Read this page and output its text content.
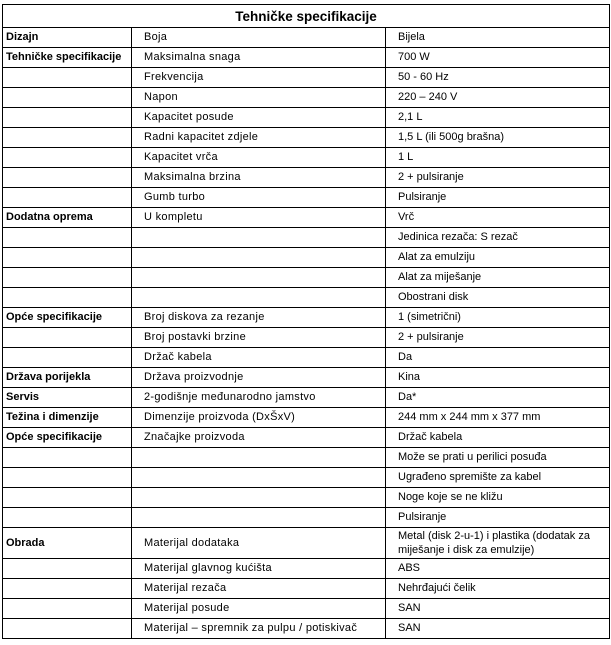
Tehničke specifikacije		
Dizajn	Boja	Bijela
Tehničke specifikacije	Maksimalna snaga	700 W
	Frekvencija	50 - 60 Hz
	Napon	220 – 240 V
	Kapacitet posude	2,1 L
	Radni kapacitet zdjele	1,5 L (ili 500g brašna)
	Kapacitet vrča	1 L
	Maksimalna brzina	2 + pulsiranje
	Gumb turbo	Pulsiranje
Dodatna oprema	U kompletu	Vrč
		Jedinica rezača: S rezač
		Alat za emulziju
		Alat za miješanje
		Obostrani disk
Opće specifikacije	Broj diskova za rezanje	1 (simetrični)
	Broj postavki brzine	2 + pulsiranje
	Držač kabela	Da
Država porijekla	Država proizvodnje	Kina
Servis	2-godišnje međunarodno jamstvo	Da*
Težina i dimenzije	Dimenzije proizvoda (DxŠxV)	244 mm x 244 mm x 377 mm
Opće specifikacije	Značajke proizvoda	Držač kabela
		Može se prati u perilici posuđa
		Ugrađeno spremište za kabel
		Noge koje se ne kližu
		Pulsiranje
Obrada	Materijal dodataka	Metal (disk 2-u-1) i plastika (dodatak za miješanje i disk za emulzije)
	Materijal glavnog kućišta	ABS
	Materijal rezača	Nehrđajući čelik
	Materijal posude	SAN
	Materijal – spremnik za pulpu / potiskivač	SAN
